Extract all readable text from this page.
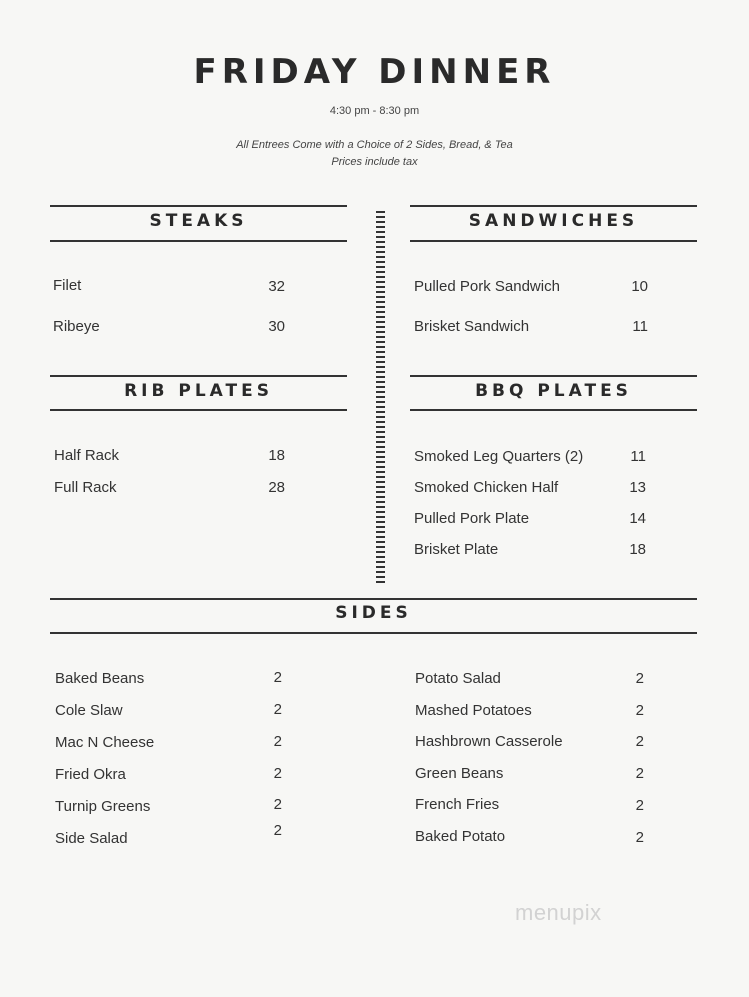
FRIDAY DINNER
4:30 pm - 8:30 pm
All Entrees Come with a Choice of 2 Sides, Bread, & Tea
Prices include tax
STEAKS
Filet	32
Ribeye	30
SANDWICHES
Pulled Pork Sandwich	10
Brisket Sandwich	11
RIB PLATES
Half Rack	18
Full Rack	28
BBQ PLATES
Smoked Leg Quarters (2)	11
Smoked Chicken Half	13
Pulled Pork Plate	14
Brisket Plate	18
SIDES
Baked Beans	2
Cole Slaw	2
Mac N Cheese	2
Fried Okra	2
Turnip Greens	2
Side Salad	2
Potato Salad	2
Mashed Potatoes	2
Hashbrown Casserole	2
Green Beans	2
French Fries	2
Baked Potato	2
menupix
